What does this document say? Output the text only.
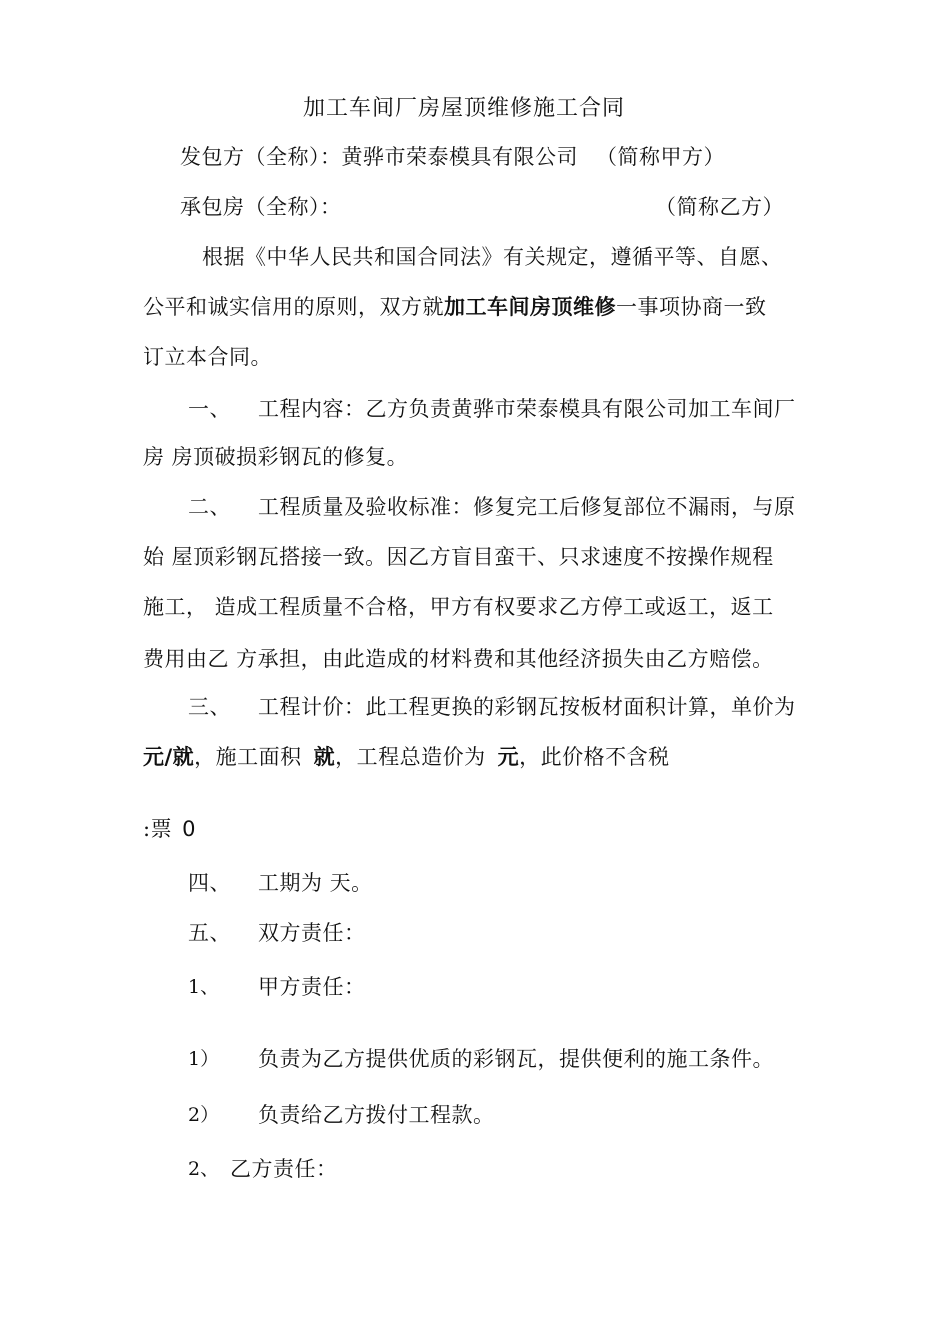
加工车间厂房屋顶维修施工合同
发包方（全称）：黄骅市荣泰模具有限公司 （简称甲方）
承包房（全称）：	（简称乙方）
根据《中华人民共和国合同法》有关规定，遵循平等、自愿、
公平和诚实信用的原则，双方就加工车间房顶维修一事项协商一致
订立本合同。
一、 工程内容：乙方负责黄骅市荣泰模具有限公司加工车间厂
房 房顶破损彩钢瓦的修复。
二、 工程质量及验收标准：修复完工后修复部位不漏雨，与原
始 屋顶彩钢瓦搭接一致。因乙方盲目蛮干、只求速度不按操作规程
施工， 造成工程质量不合格，甲方有权要求乙方停工或返工，返工
费用由乙 方承担，由此造成的材料费和其他经济损失由乙方赔偿。
三、 工程计价：此工程更换的彩钢瓦按板材面积计算，单价为
元/就，施工面积 就，工程总造价为 元，此价格不含税
:票 0
四、 工期为 天。
五、 双方责任：
1、 甲方责任：
1） 负责为乙方提供优质的彩钢瓦，提供便利的施工条件。
2） 负责给乙方拨付工程款。
2、 乙方责任：
